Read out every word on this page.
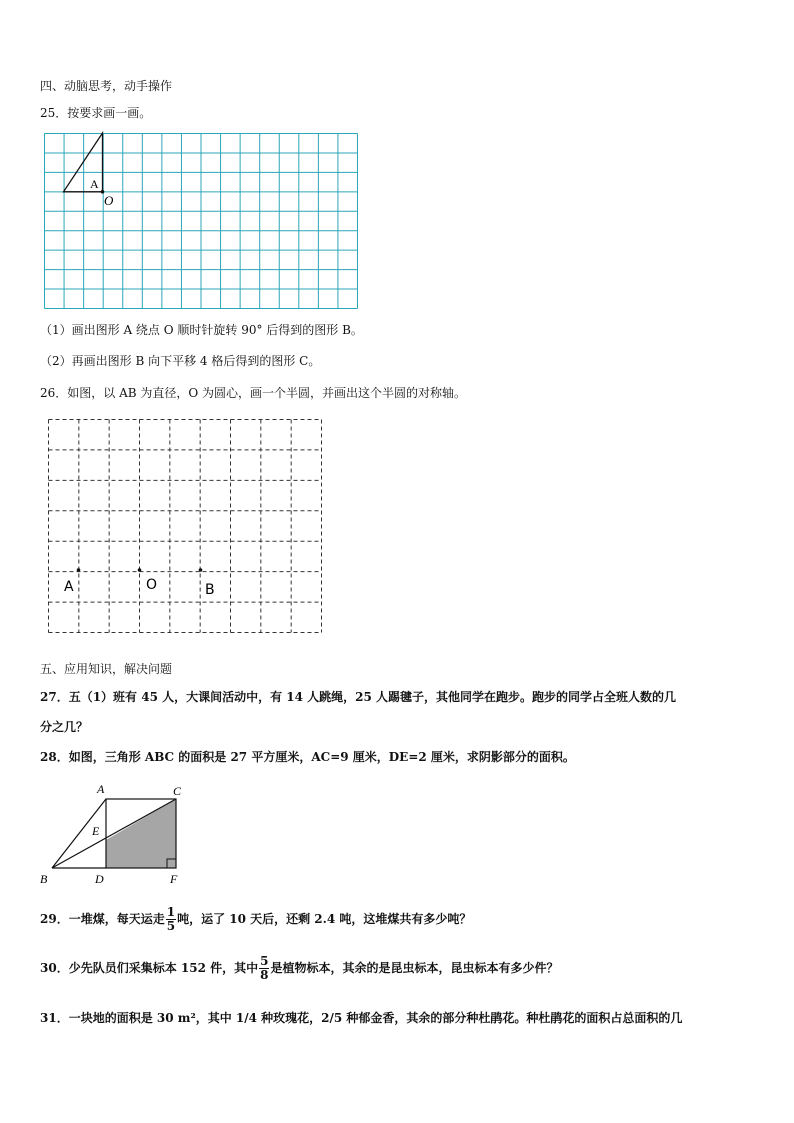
四、动脑思考，动手操作
25．按要求画一画。
A
O
（1）画出图形 A 绕点 O 顺时针旋转 90° 后得到的图形 B。
（2）再画出图形 B 向下平移 4 格后得到的图形 C。
26．如图，以 AB 为直径，O 为圆心，画一个半圆，并画出这个半圆的对称轴。
A	O	B
五、应用知识，解决问题
27．五（1）班有 45 人，大课间活动中，有 14 人跳绳，25 人踢毽子，其他同学在跑步。跑步的同学占全班人数的几
分之几？
28．如图，三角形 ABC 的面积是 27 平方厘米，AC=9 厘米，DE=2 厘米，求阴影部分的面积。
A	C
E
B	D	F
29．一堆煤，每天运走 $\frac{1}{5}$ 吨，运了 10 天后，还剩 2.4 吨，这堆煤共有多少吨？
30．少先队员们采集标本 152 件，其中 $\frac{5}{8}$ 是植物标本，其余的是昆虫标本，昆虫标本有多少件？
31．一块地的面积是 30 m²，其中 1/4 种玫瑰花，2/5 种郁金香，其余的部分种杜鹃花。种杜鹃花的面积占总面积的几
